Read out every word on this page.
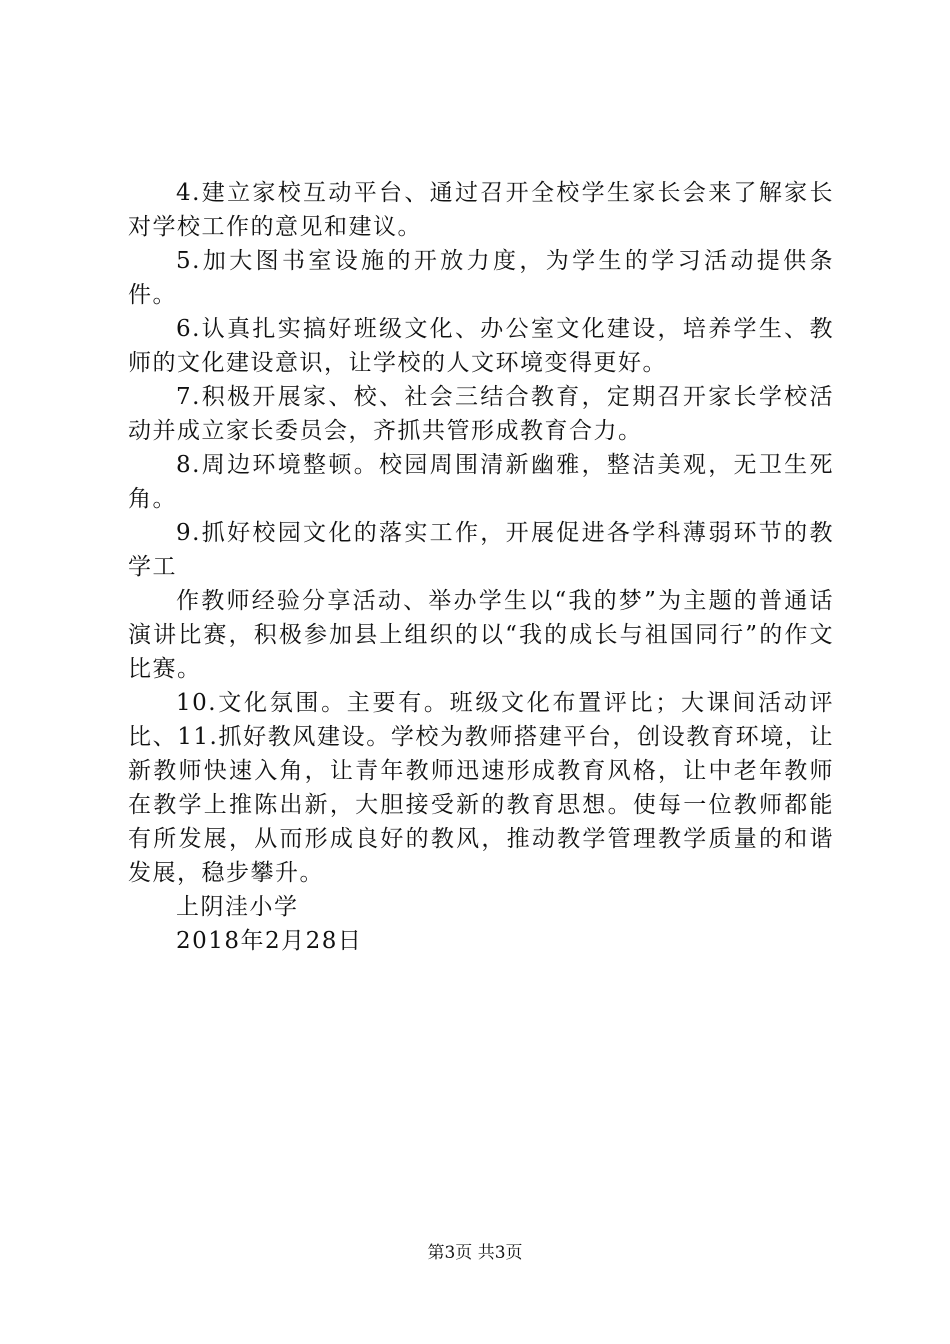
4.建立家校互动平台、通过召开全校学生家长会来了解家长对学校工作的意见和建议。

5.加大图书室设施的开放力度，为学生的学习活动提供条件。

6.认真扎实搞好班级文化、办公室文化建设，培养学生、教师的文化建设意识，让学校的人文环境变得更好。

7.积极开展家、校、社会三结合教育，定期召开家长学校活动并成立家长委员会，齐抓共管形成教育合力。

8.周边环境整顿。校园周围清新幽雅，整洁美观，无卫生死角。

9.抓好校园文化的落实工作，开展促进各学科薄弱环节的教学工

作教师经验分享活动、举办学生以“我的梦”为主题的普通话演讲比赛，积极参加县上组织的以“我的成长与祖国同行”的作文比赛。

10.文化氛围。主要有。班级文化布置评比；大课间活动评比、11.抓好教风建设。学校为教师搭建平台，创设教育环境，让新教师快速入角，让青年教师迅速形成教育风格，让中老年教师在教学上推陈出新，大胆接受新的教育思想。使每一位教师都能有所发展，从而形成良好的教风，推动教学管理教学质量的和谐发展，稳步攀升。

上阴洼小学

2018年2月28日

第3页 共3页
